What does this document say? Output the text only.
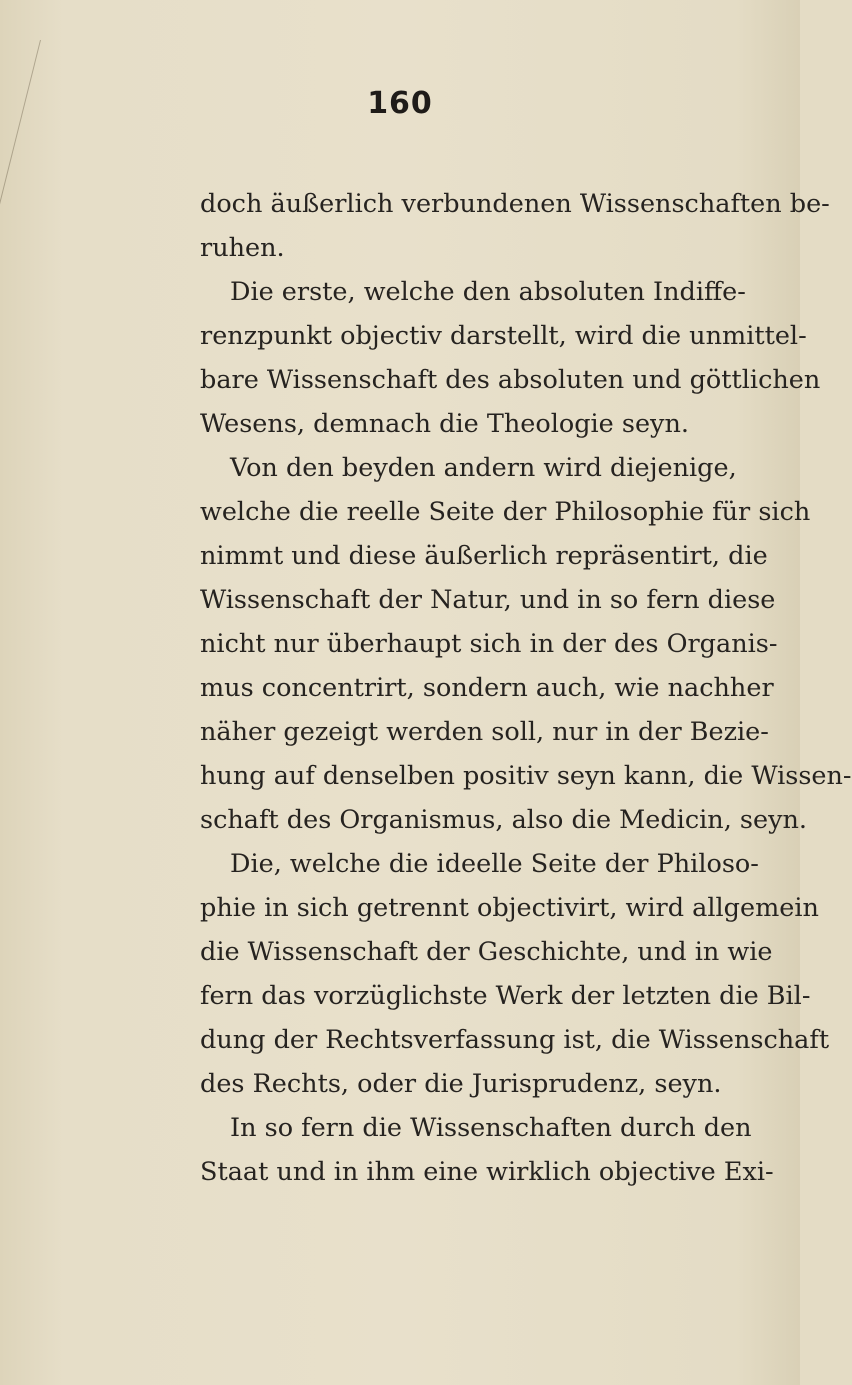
160
doch äußerlich verbundenen Wissenschaften be-
ruhen.
Die erste, welche den absoluten Indiffe-
renzpunkt objectiv darstellt, wird die unmittel-
bare Wissenschaft des absoluten und göttlichen
Wesens, demnach die Theologie seyn.
Von den beyden andern wird diejenige,
welche die reelle Seite der Philosophie für sich
nimmt und diese äußerlich repräsentirt, die
Wissenschaft der Natur, und in so fern diese
nicht nur überhaupt sich in der des Organis-
mus concentrirt, sondern auch, wie nachher
näher gezeigt werden soll, nur in der Bezie-
hung auf denselben positiv seyn kann, die Wissen-
schaft des Organismus, also die Medicin, seyn.
Die, welche die ideelle Seite der Philoso-
phie in sich getrennt objectivirt, wird allgemein
die Wissenschaft der Geschichte, und in wie
fern das vorzüglichste Werk der letzten die Bil-
dung der Rechtsverfassung ist, die Wissenschaft
des Rechts, oder die Jurisprudenz, seyn.
In so fern die Wissenschaften durch den
Staat und in ihm eine wirklich objective Exi-
